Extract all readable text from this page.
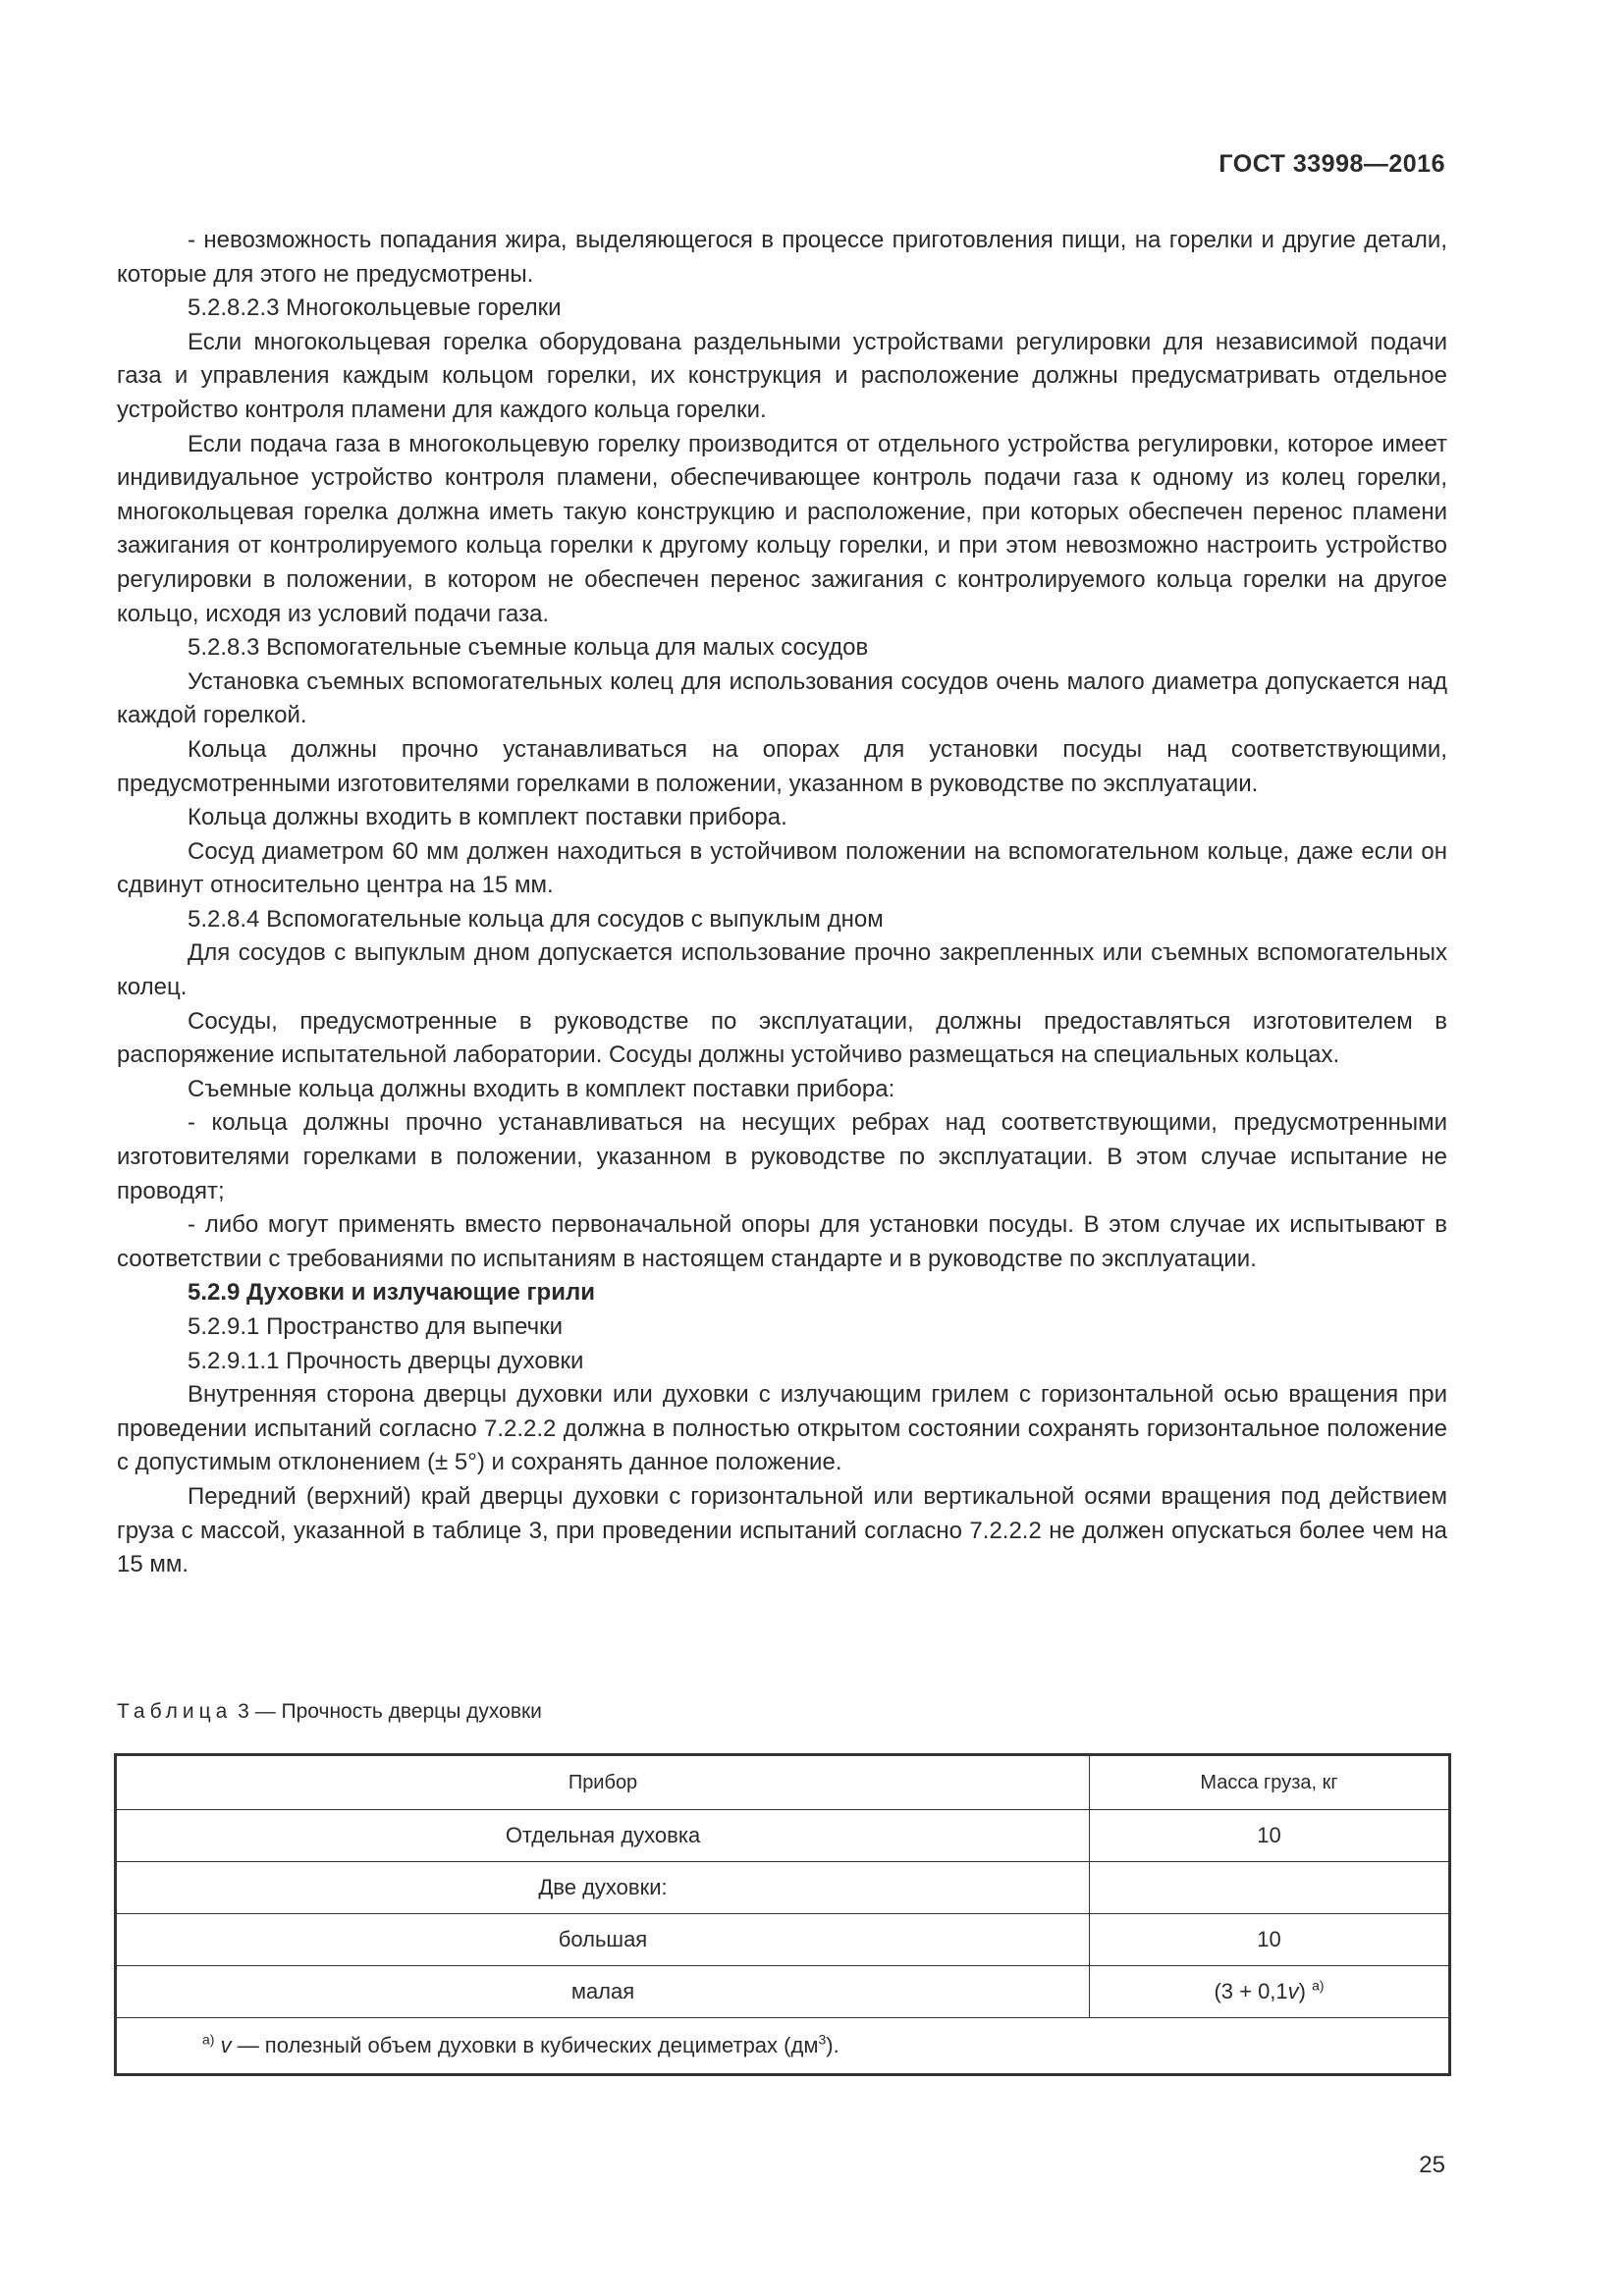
ГОСТ 33998—2016

- невозможность попадания жира, выделяющегося в процессе приготовления пищи, на горелки и другие детали, которые для этого не предусмотрены.

5.2.8.2.3 Многокольцевые горелки

Если многокольцевая горелка оборудована раздельными устройствами регулировки для независимой подачи газа и управления каждым кольцом горелки, их конструкция и расположение должны предусматривать отдельное устройство контроля пламени для каждого кольца горелки.

Если подача газа в многокольцевую горелку производится от отдельного устройства регулировки, которое имеет индивидуальное устройство контроля пламени, обеспечивающее контроль подачи газа к одному из колец горелки, многокольцевая горелка должна иметь такую конструкцию и расположение, при которых обеспечен перенос пламени зажигания от контролируемого кольца горелки к другому кольцу горелки, и при этом невозможно настроить устройство регулировки в положении, в котором не обеспечен перенос зажигания с контролируемого кольца горелки на другое кольцо, исходя из условий подачи газа.

5.2.8.3 Вспомогательные съемные кольца для малых сосудов

Установка съемных вспомогательных колец для использования сосудов очень малого диаметра допускается над каждой горелкой.

Кольца должны прочно устанавливаться на опорах для установки посуды над соответствующими, предусмотренными изготовителями горелками в положении, указанном в руководстве по эксплуатации.

Кольца должны входить в комплект поставки прибора.

Сосуд диаметром 60 мм должен находиться в устойчивом положении на вспомогательном кольце, даже если он сдвинут относительно центра на 15 мм.

5.2.8.4 Вспомогательные кольца для сосудов с выпуклым дном

Для сосудов с выпуклым дном допускается использование прочно закрепленных или съемных вспомогательных колец.

Сосуды, предусмотренные в руководстве по эксплуатации, должны предоставляться изготовителем в распоряжение испытательной лаборатории. Сосуды должны устойчиво размещаться на специальных кольцах.

Съемные кольца должны входить в комплект поставки прибора:

- кольца должны прочно устанавливаться на несущих ребрах над соответствующими, предусмотренными изготовителями горелками в положении, указанном в руководстве по эксплуатации. В этом случае испытание не проводят;

- либо могут применять вместо первоначальной опоры для установки посуды. В этом случае их испытывают в соответствии с требованиями по испытаниям в настоящем стандарте и в руководстве по эксплуатации.

5.2.9 Духовки и излучающие грили

5.2.9.1 Пространство для выпечки

5.2.9.1.1 Прочность дверцы духовки

Внутренняя сторона дверцы духовки или духовки с излучающим грилем с горизонтальной осью вращения при проведении испытаний согласно 7.2.2.2 должна в полностью открытом состоянии сохранять горизонтальное положение с допустимым отклонением (± 5°) и сохранять данное положение.

Передний (верхний) край дверцы духовки с горизонтальной или вертикальной осями вращения под действием груза с массой, указанной в таблице 3, при проведении испытаний согласно 7.2.2.2 не должен опускаться более чем на 15 мм.

Таблица 3 — Прочность дверцы духовки
Прибор	Масса груза, кг
Отдельная духовка	10
Две духовки:	
большая	10
малая	(3 + 0,1v) $^{а)}$
$^{а)}$ v — полезный объем духовки в кубических дециметрах $(дм^3)$.	
25
